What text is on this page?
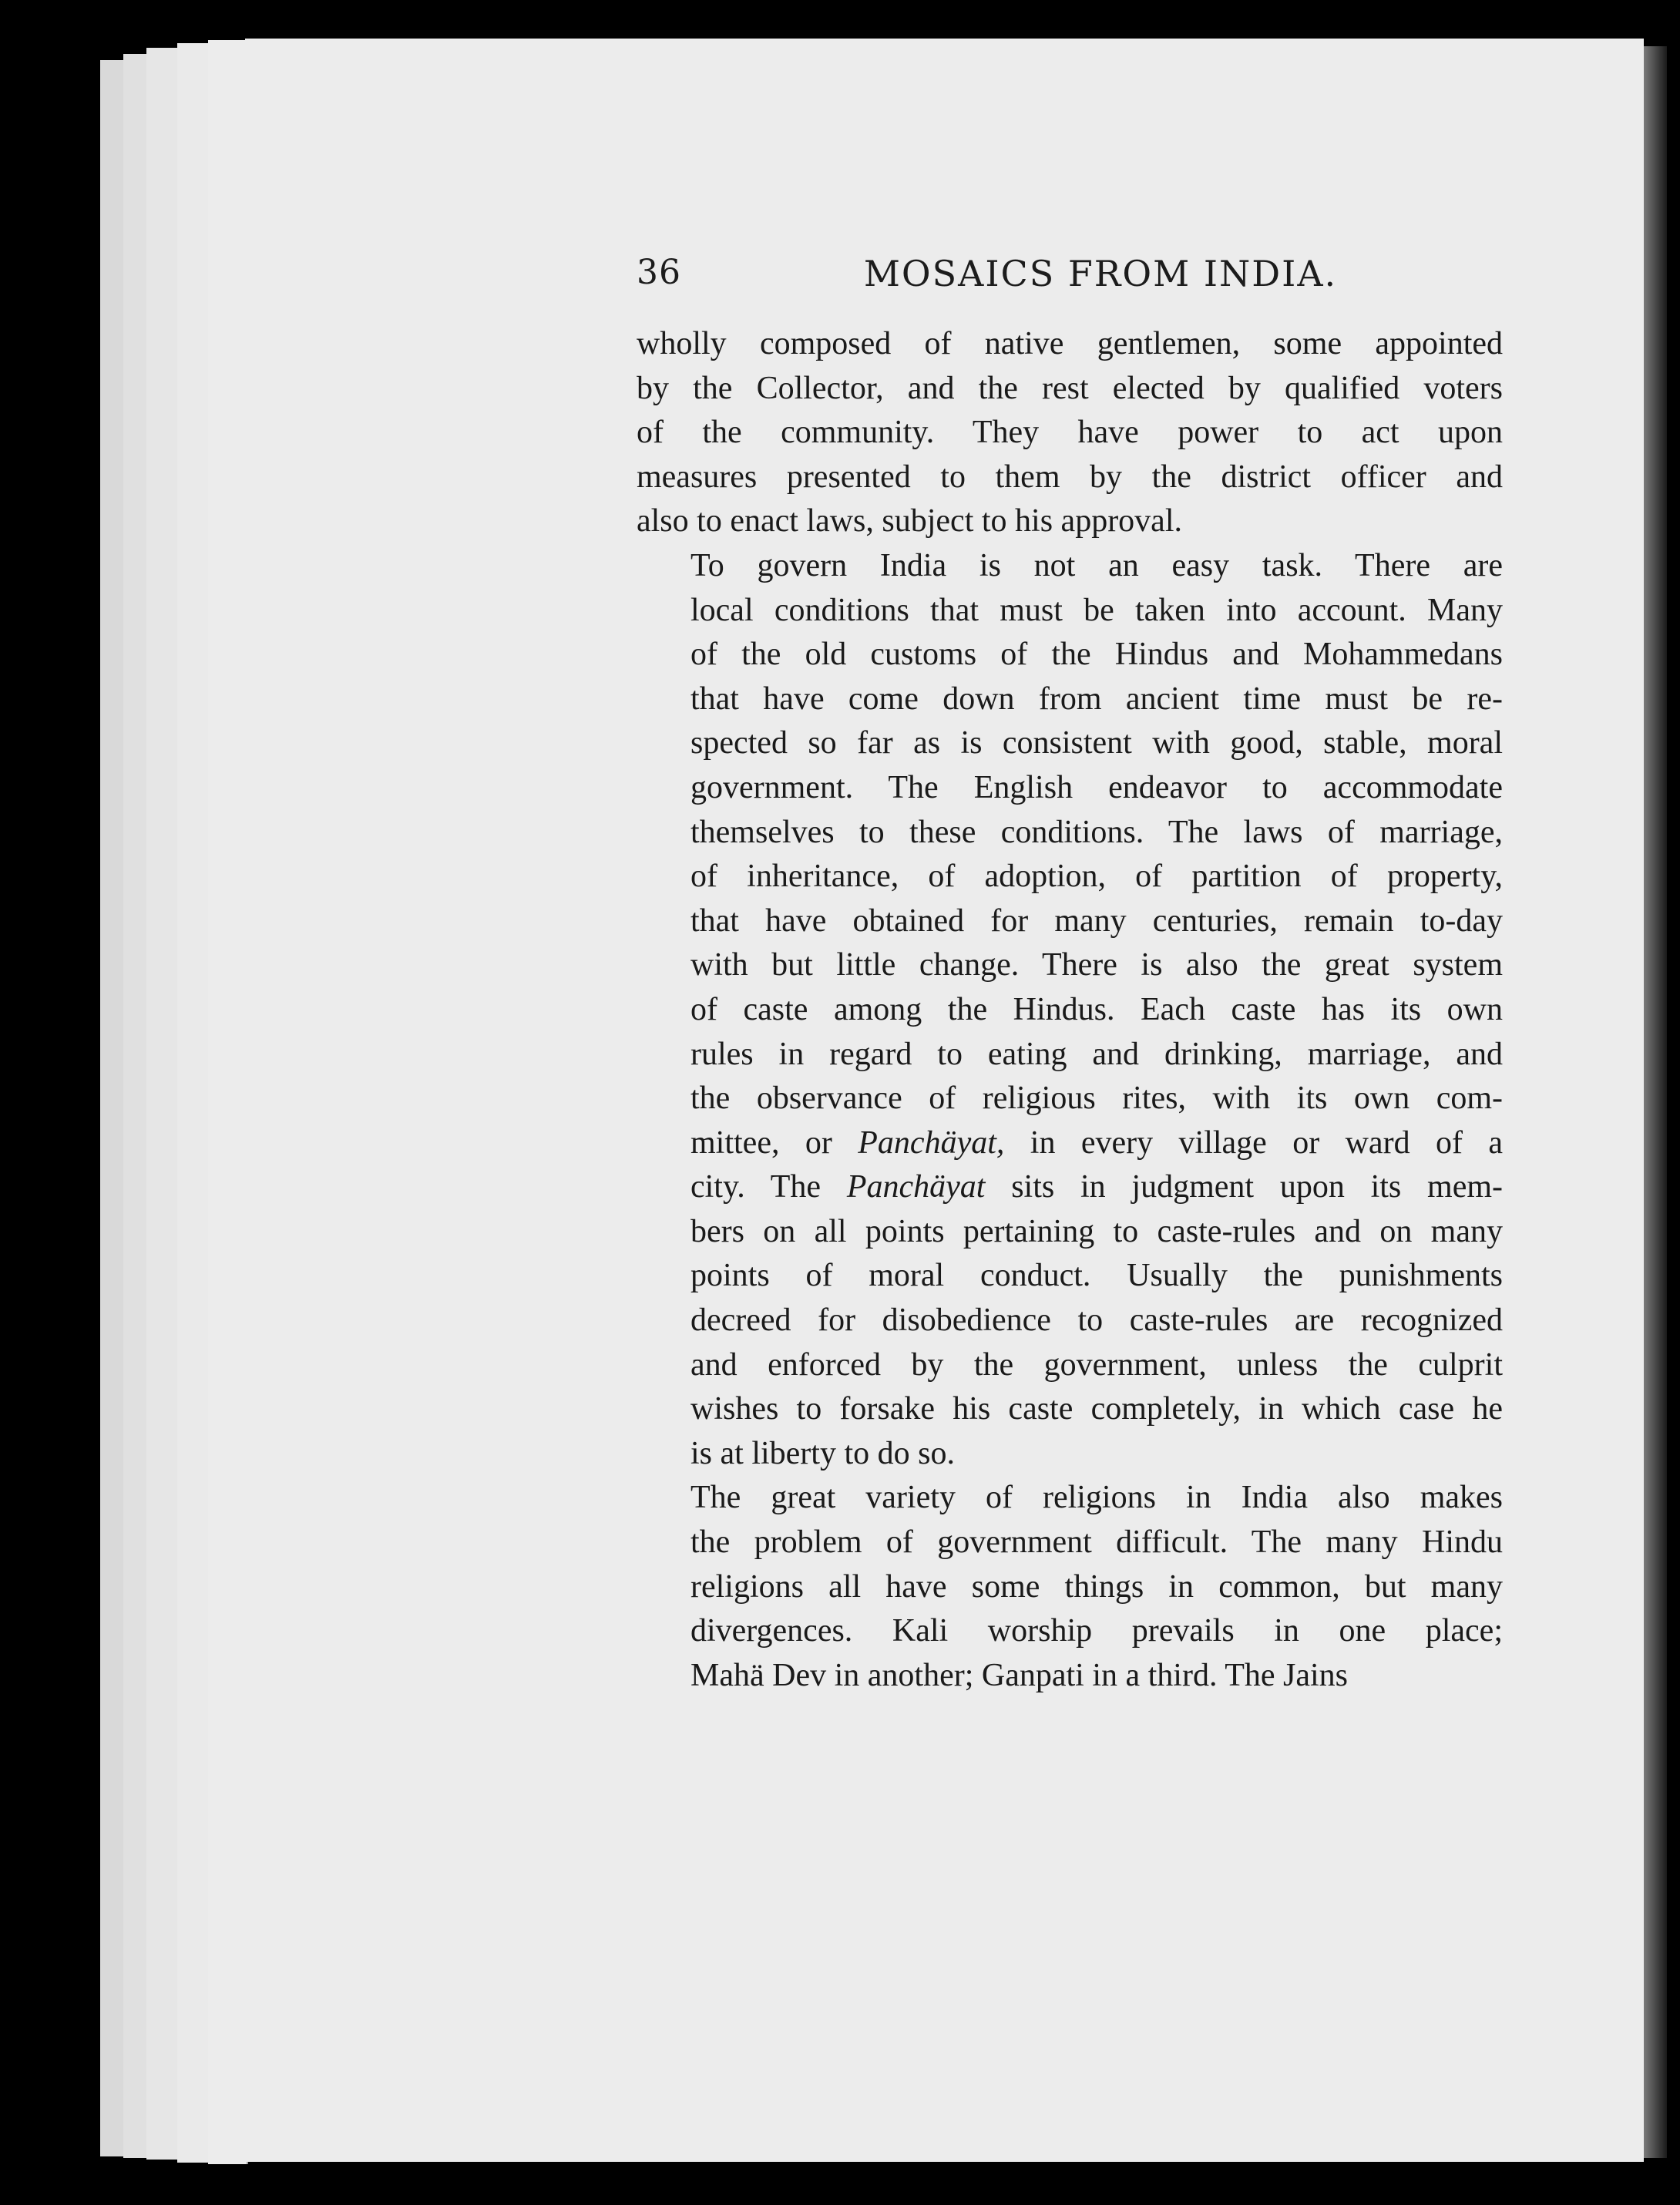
36	MOSAICS FROM INDIA.

wholly composed of native gentlemen, some appointed
by the Collector, and the rest elected by qualified voters
of the community. They have power to act upon
measures presented to them by the district officer and
also to enact laws, subject to his approval.

To govern India is not an easy task. There are
local conditions that must be taken into account. Many
of the old customs of the Hindus and Mohammedans
that have come down from ancient time must be re-
spected so far as is consistent with good, stable, moral
government. The English endeavor to accommodate
themselves to these conditions. The laws of marriage,
of inheritance, of adoption, of partition of property,
that have obtained for many centuries, remain to-day
with but little change. There is also the great system
of caste among the Hindus. Each caste has its own
rules in regard to eating and drinking, marriage, and
the observance of religious rites, with its own com-
mittee, or Panchäyat, in every village or ward of a
city. The Panchäyat sits in judgment upon its mem-
bers on all points pertaining to caste-rules and on many
points of moral conduct. Usually the punishments
decreed for disobedience to caste-rules are recognized
and enforced by the government, unless the culprit
wishes to forsake his caste completely, in which case he
is at liberty to do so.

The great variety of religions in India also makes
the problem of government difficult. The many Hindu
religions all have some things in common, but many
divergences. Kali worship prevails in one place;
Mahä Dev in another; Ganpati in a third. The Jains
